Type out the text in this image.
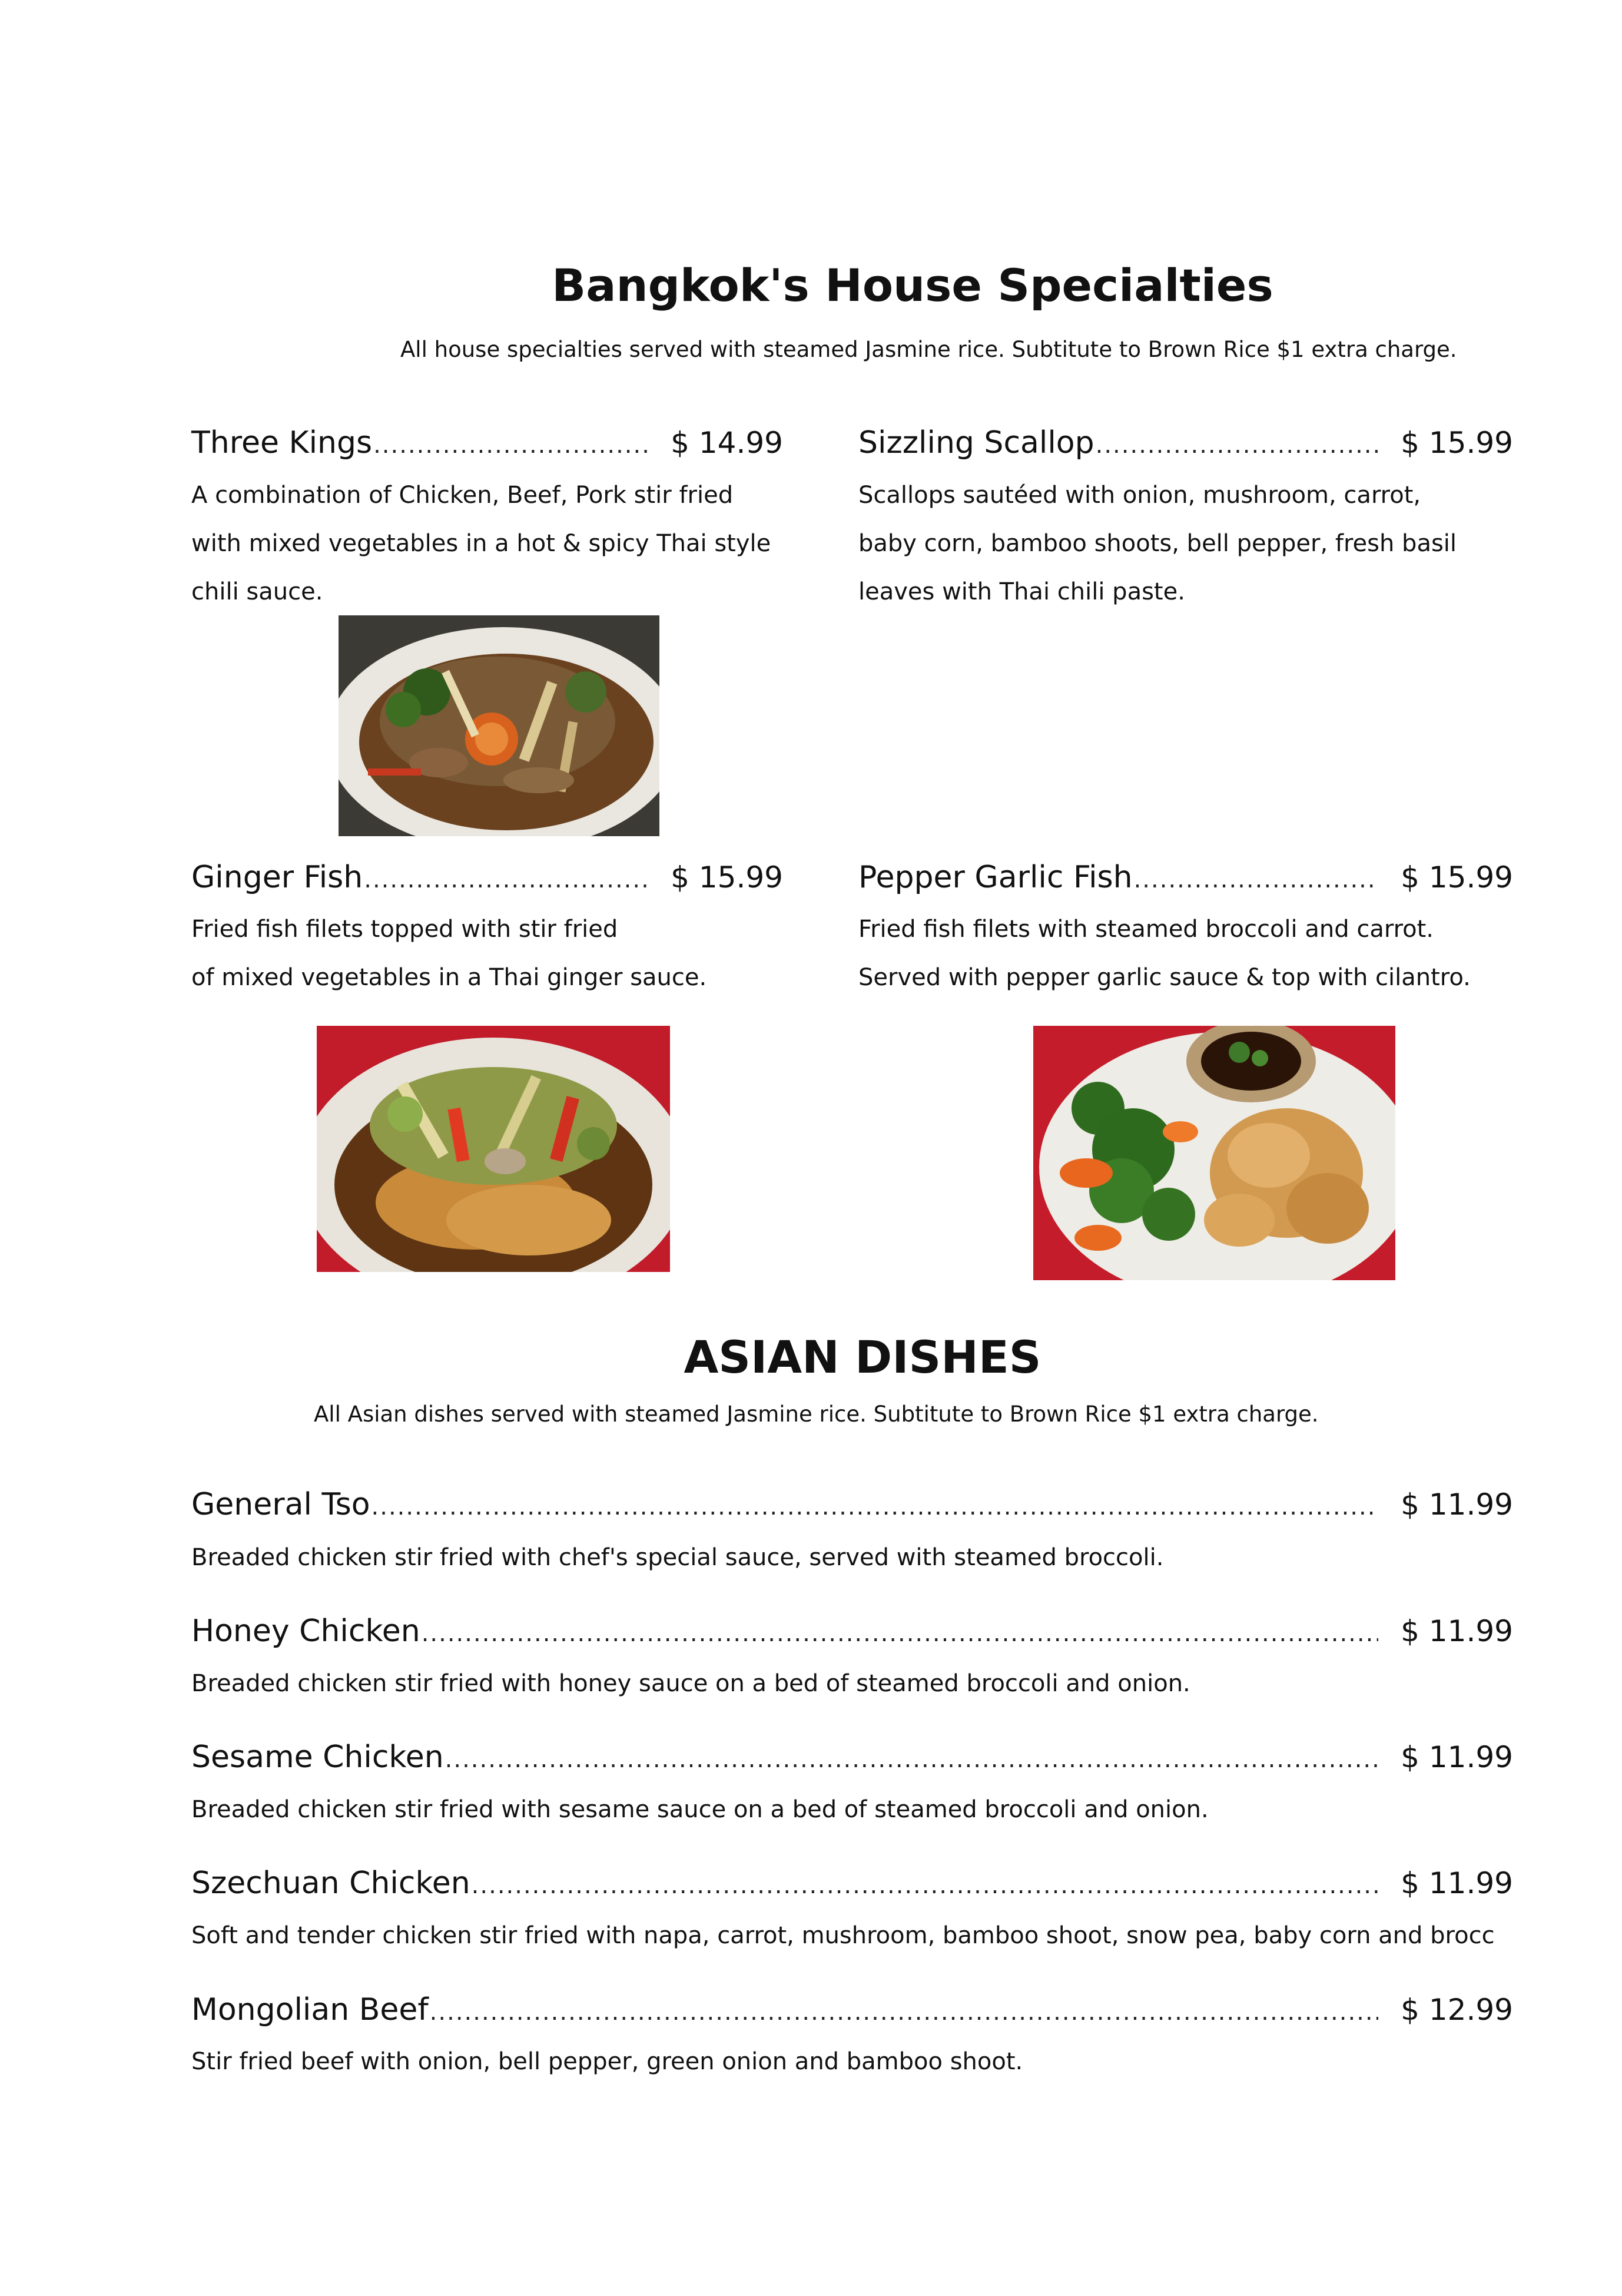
Bangkok's House Specialties

All house specialties served with steamed Jasmine rice. Subtitute to Brown Rice $1 extra charge.

Three Kings .....	$ 14.99
A combination of Chicken, Beef, Pork stir fried
with mixed vegetables in a hot & spicy Thai style
chili sauce.
Sizzling Scallop .....	$ 15.99
Scallops sautéed with onion, mushroom, carrot,
baby corn, bamboo shoots, bell pepper, fresh basil
leaves with Thai chili paste.
Ginger Fish .....	$ 15.99
Fried fish filets topped with stir fried
of mixed vegetables in a Thai ginger sauce.
Pepper Garlic Fish .....	$ 15.99
Fried fish filets with steamed broccoli and carrot.
Served with pepper garlic sauce & top with cilantro.
ASIAN DISHES

All Asian dishes served with steamed Jasmine rice. Subtitute to Brown Rice $1 extra charge.

General Tso .....	$ 11.99

Breaded chicken stir fried with chef's special sauce, served with steamed broccoli.

Honey Chicken .....	$ 11.99

Breaded chicken stir fried with honey sauce on a bed of steamed broccoli and onion.

Sesame Chicken .....	$ 11.99

Breaded chicken stir fried with sesame sauce on a bed of steamed broccoli and onion.

Szechuan Chicken .....	$ 11.99

Soft and tender chicken stir fried with napa, carrot, mushroom, bamboo shoot, snow pea, baby corn and brocc

Mongolian Beef .....	$ 12.99

Stir fried beef with onion, bell pepper, green onion and bamboo shoot.
